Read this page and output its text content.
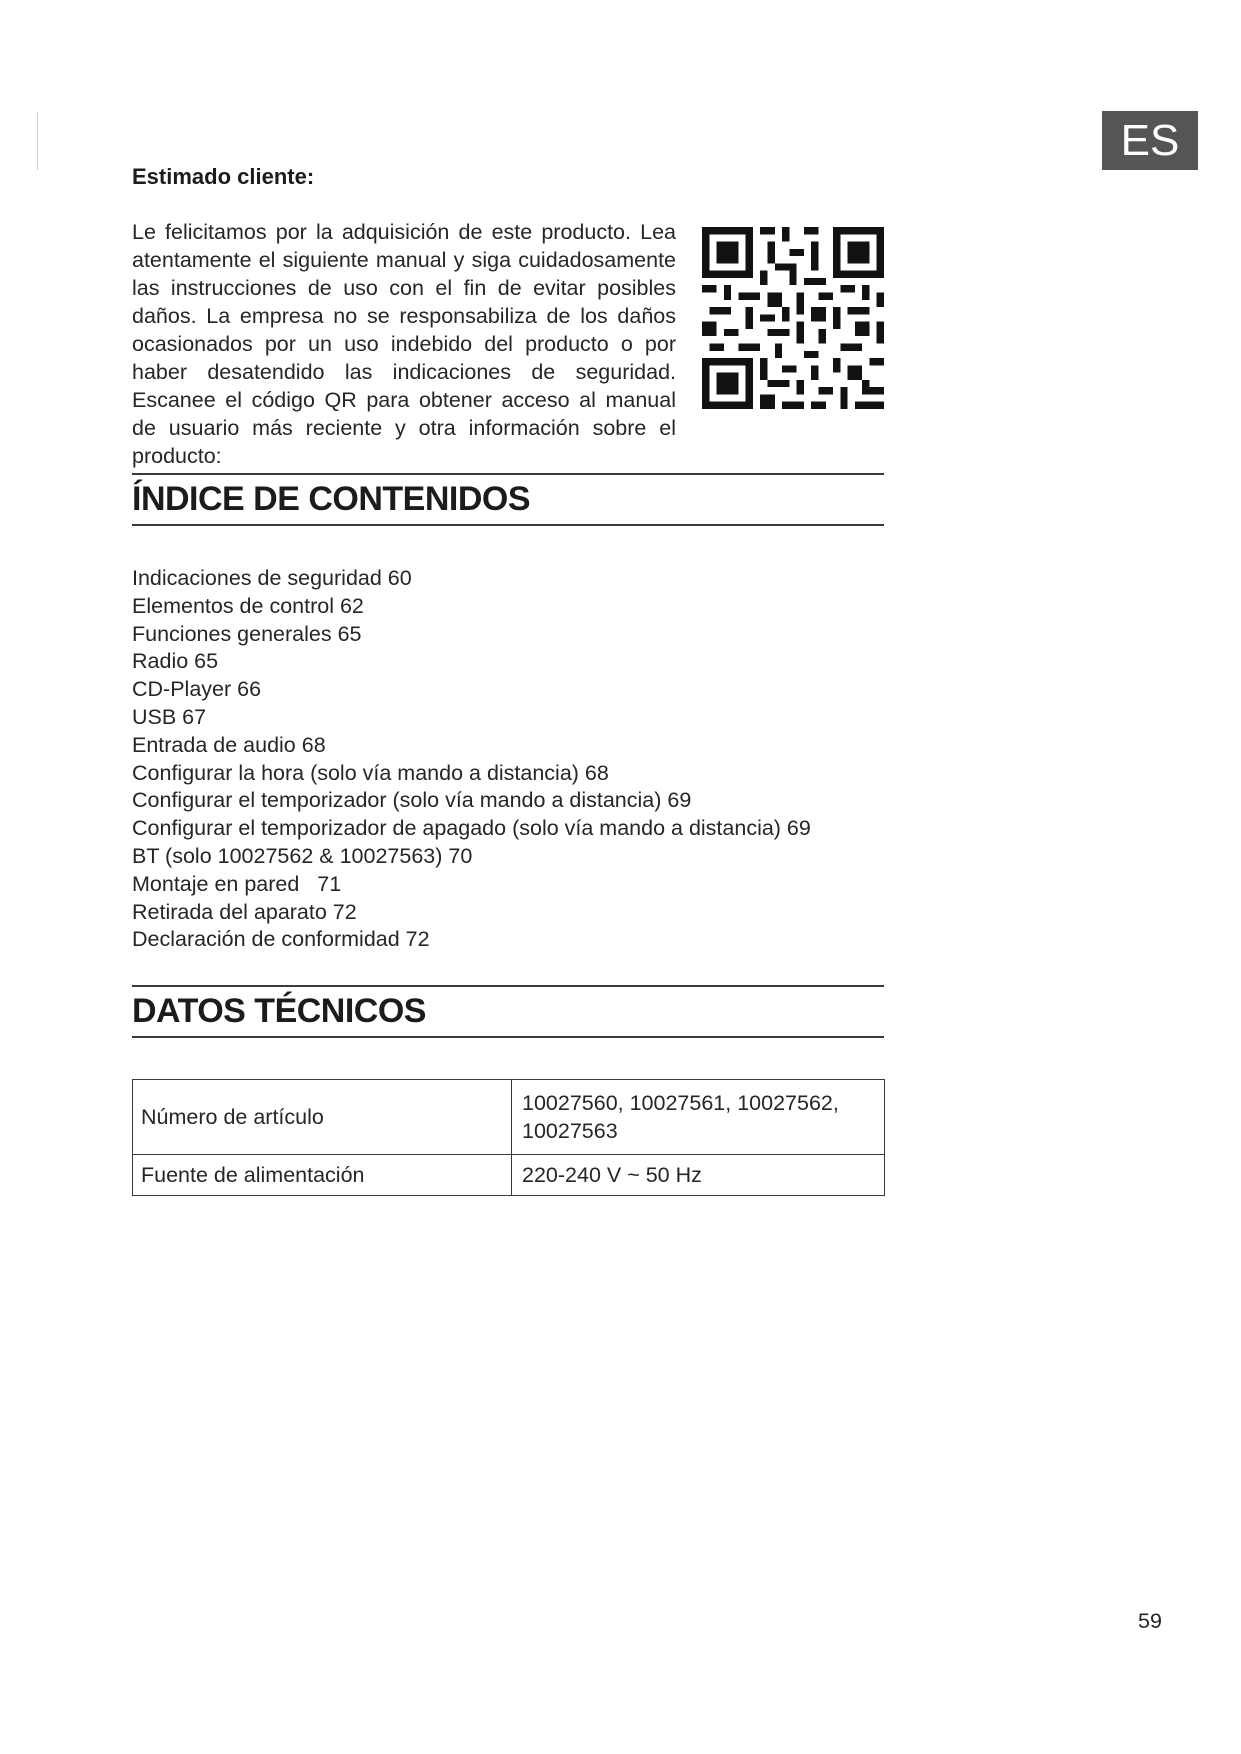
ES
Estimado cliente:

Le felicitamos por la adquisición de este producto. Lea atentamente el siguiente manual y siga cuidadosamente las instrucciones de uso con el fin de evitar posibles daños. La empresa no se responsabiliza de los daños ocasionados por un uso indebido del producto o por haber desatendido las indicaciones de seguridad. Escanee el código QR para obtener acceso al manual de usuario más reciente y otra información sobre el producto:

ÍNDICE DE CONTENIDOS
Indicaciones de seguridad 60
Elementos de control 62
Funciones generales 65
Radio 65
CD-Player 66
USB 67
Entrada de audio 68
Configurar la hora (solo vía mando a distancia) 68
Configurar el temporizador (solo vía mando a distancia) 69
Configurar el temporizador de apagado (solo vía mando a distancia) 69
BT (solo 10027562 & 10027563) 70
Montaje en pared   71
Retirada del aparato 72
Declaración de conformidad 72
DATOS TÉCNICOS
Número de artículo	10027560, 10027561, 10027562,
10027563

Fuente de alimentación	220-240 V ~ 50 Hz
59
